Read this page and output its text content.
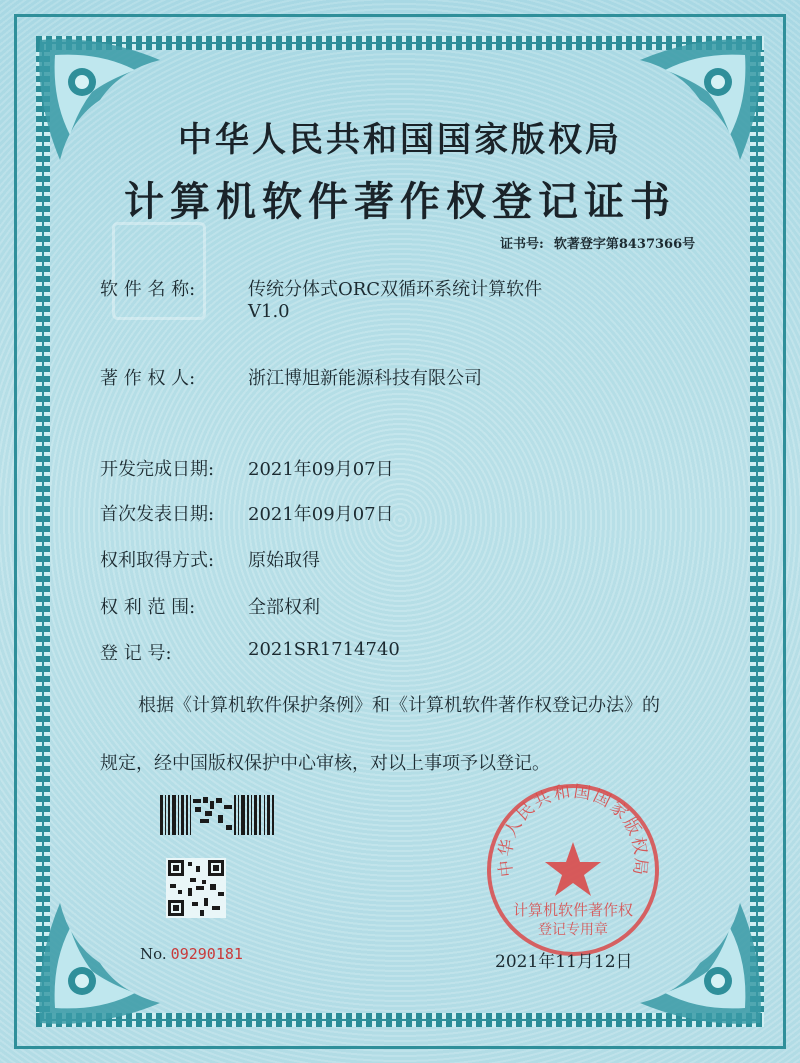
中华人民共和国国家版权局
计算机软件著作权登记证书
证书号: 软著登字第8437366号
软 件 名 称:	传统分体式ORC双循环系统计算软件
V1.0
著 作 权 人:	浙江博旭新能源科技有限公司
开发完成日期: 2021年09月07日
首次发表日期: 2021年09月07日
权利取得方式: 原始取得
权 利 范 围:	全部权利
登 记 号:	2021SR1714740
根据《计算机软件保护条例》和《计算机软件著作权登记办法》的
规定，经中国版权保护中心审核，对以上事项予以登记。
No. 09290181
中华人民共和国国家版权局
计算机软件著作权
登记专用章
2021年11月12日
